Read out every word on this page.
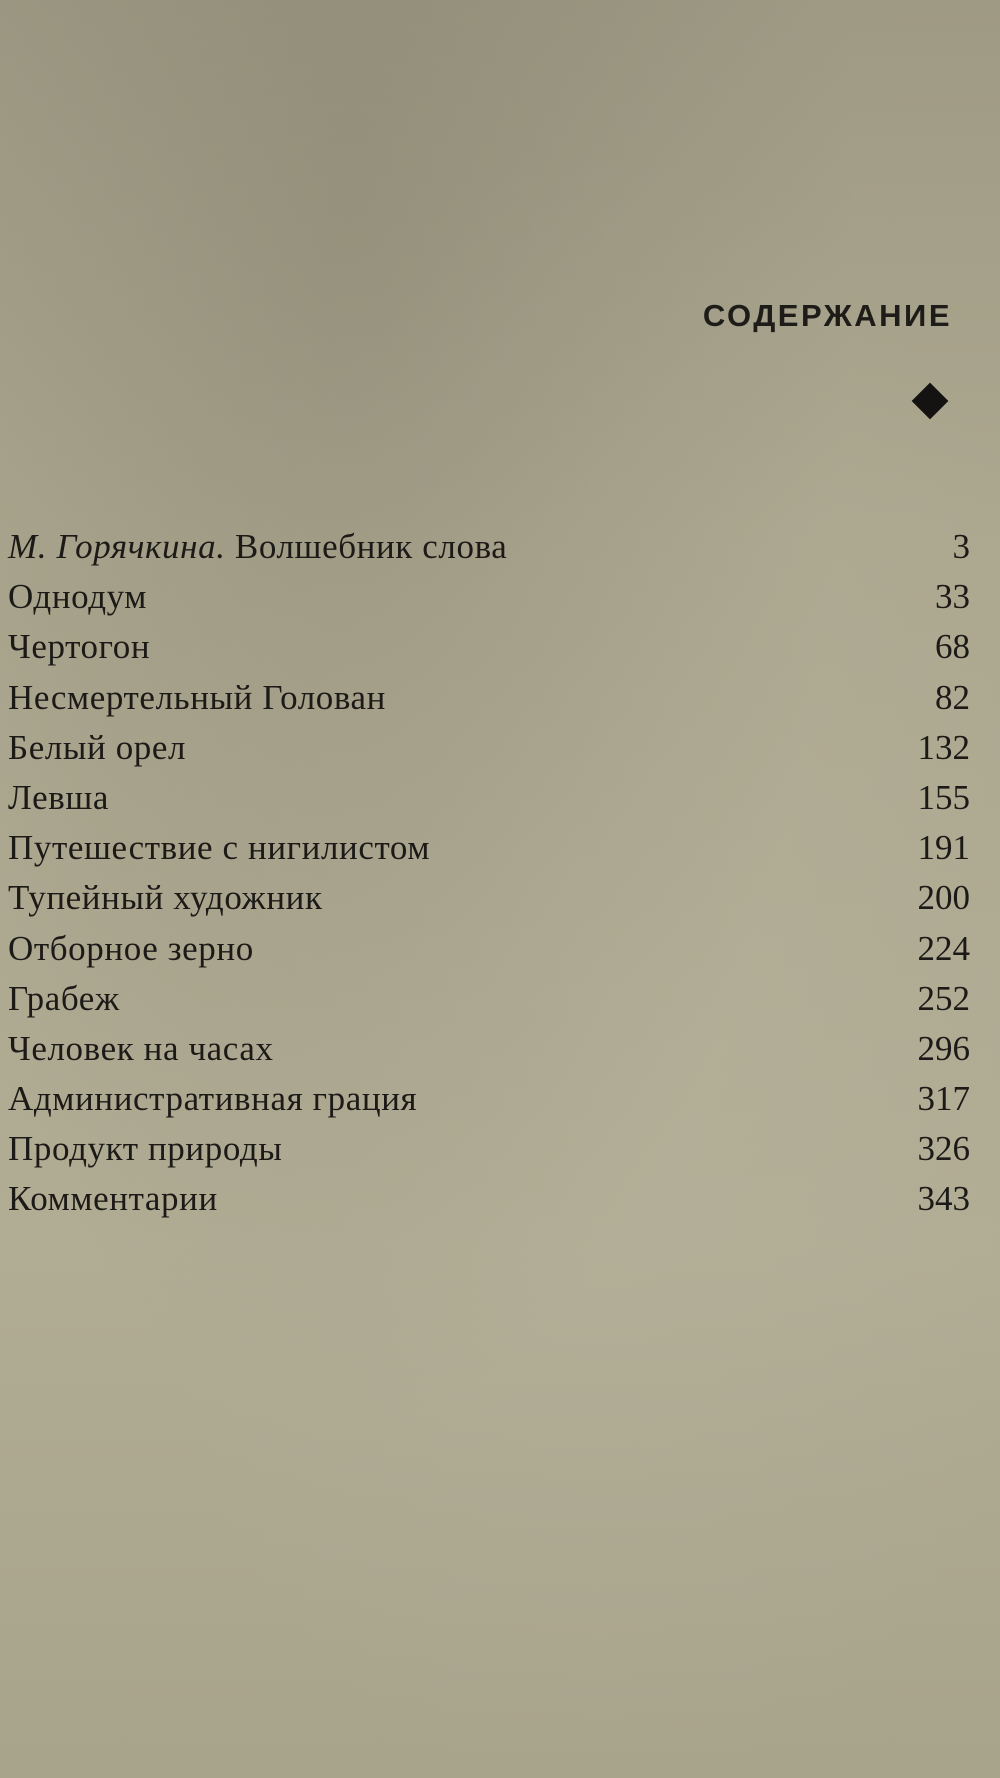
СОДЕРЖАНИЕ
М. Горячкина. Волшебник слова	3
Однодум	33
Чертогон	68
Несмертельный Голован	82
Белый орел	132
Левша	155
Путешествие с нигилистом	191
Тупейный художник	200
Отборное зерно	224
Грабеж	252
Человек на часах	296
Административная грация	317
Продукт природы	326
Комментарии	343
